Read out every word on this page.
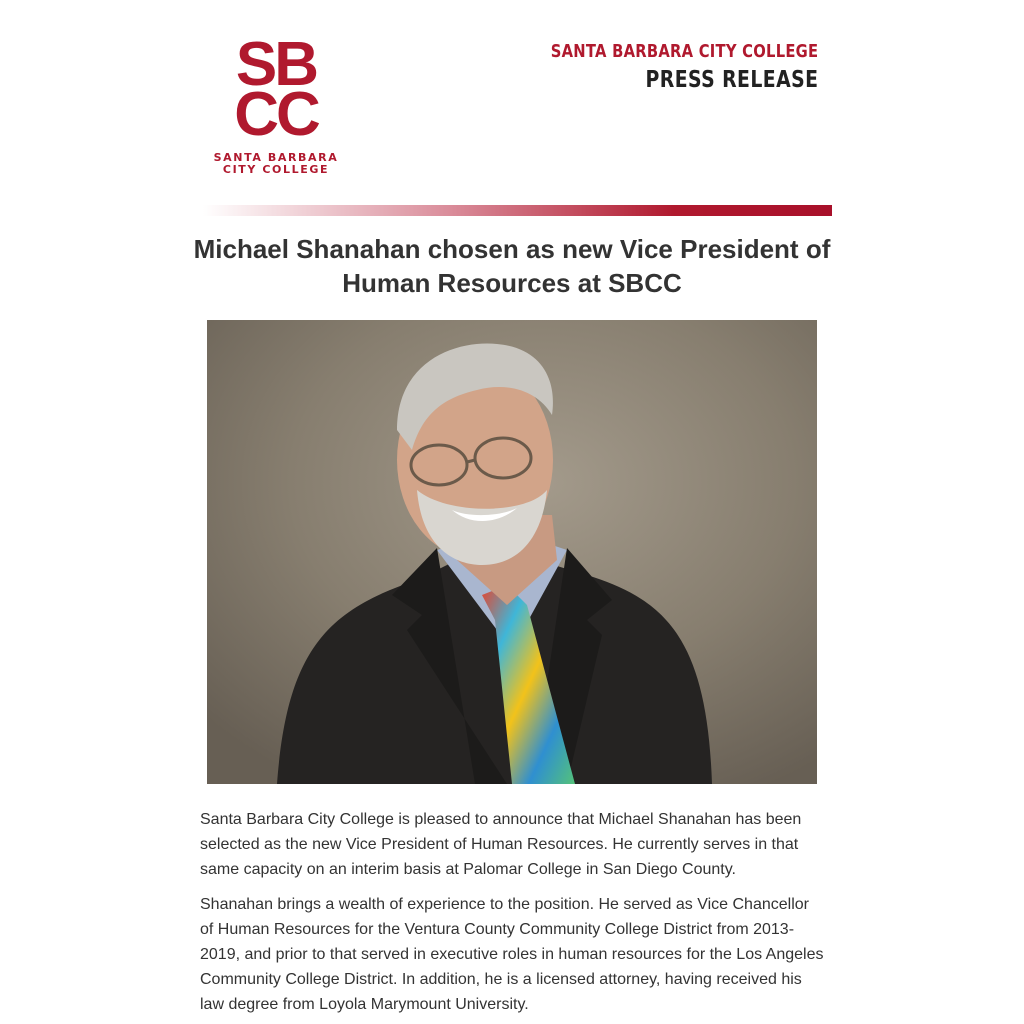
SB
CC
SANTA BARBARA
CITY COLLEGE
SANTA BARBARA CITY COLLEGE
PRESS RELEASE
Michael Shanahan chosen as new Vice President of Human Resources at SBCC

Santa Barbara City College is pleased to announce that Michael Shanahan has been selected as the new Vice President of Human Resources. He currently serves in that same capacity on an interim basis at Palomar College in San Diego County.

Shanahan brings a wealth of experience to the position. He served as Vice Chancellor of Human Resources for the Ventura County Community College District from 2013-2019, and prior to that served in executive roles in human resources for the Los Angeles Community College District. In addition, he is a licensed attorney, having received his law degree from Loyola Marymount University.
